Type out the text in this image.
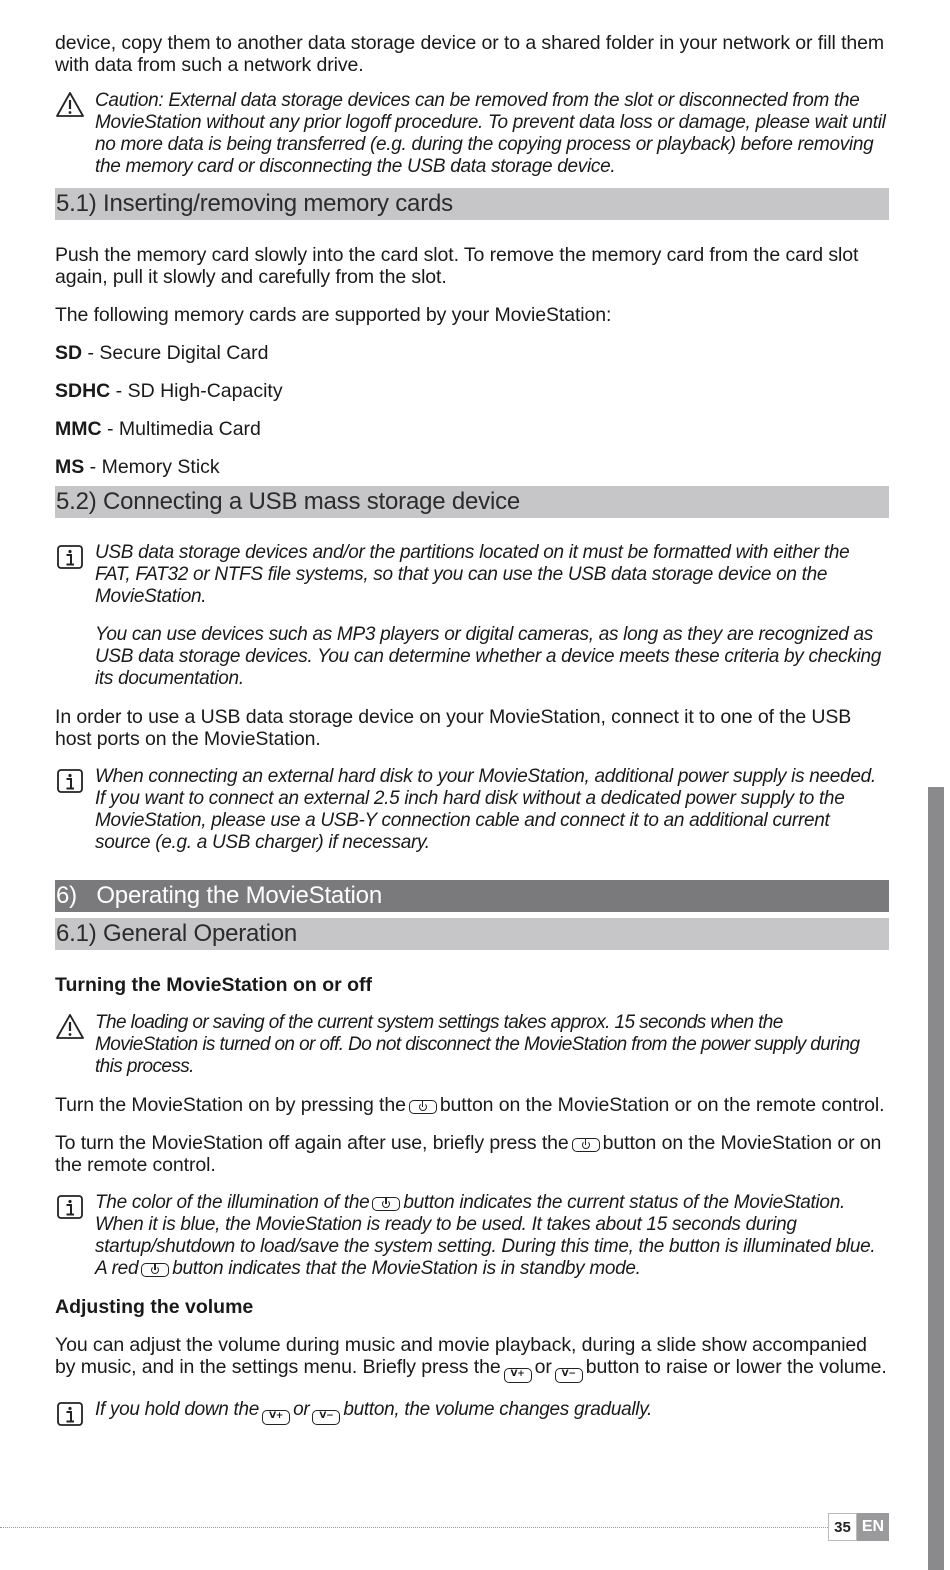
device, copy them to another data storage device or to a shared folder in your network or fill them with data from such a network drive.

Caution: External data storage devices can be removed from the slot or disconnected from the MovieStation without any prior logoff procedure. To prevent data loss or damage, please wait until no more data is being transferred (e.g. during the copying process or playback) before removing the memory card or disconnecting the USB data storage device.
5.1) Inserting/removing memory cards

Push the memory card slowly into the card slot. To remove the memory card from the card slot again, pull it slowly and carefully from the slot.

The following memory cards are supported by your MovieStation:

SD - Secure Digital Card

SDHC - SD High-Capacity

MMC - Multimedia Card

MS - Memory Stick

5.2) Connecting a USB mass storage device
USB data storage devices and/or the partitions located on it must be formatted with either the FAT, FAT32 or NTFS file systems, so that you can use the USB data storage device on the MovieStation.
You can use devices such as MP3 players or digital cameras, as long as they are recognized as USB data storage devices. You can determine whether a device meets these criteria by checking its documentation.

In order to use a USB data storage device on your MovieStation, connect it to one of the USB host ports on the MovieStation.

When connecting an external hard disk to your MovieStation, additional power supply is needed. If you want to connect an external 2.5 inch hard disk without a dedicated power supply to the MovieStation, please use a USB-Y connection cable and connect it to an additional current source (e.g. a USB charger) if necessary.
6)   Operating the MovieStation
6.1) General Operation

Turning the MovieStation on or off

The loading or saving of the current system settings takes approx. 15 seconds when the MovieStation is turned on or off. Do not disconnect the MovieStation from the power supply during this process.

Turn the MovieStation on by pressing the button on the MovieStation or on the remote control.

To turn the MovieStation off again after use, briefly press the button on the MovieStation or on the remote control.

The color of the illumination of the button indicates the current status of the MovieStation. When it is blue, the MovieStation is ready to be used. It takes about 15 seconds during startup/shutdown to load/save the system setting. During this time, the button is illuminated blue. A red button indicates that the MovieStation is in standby mode.

Adjusting the volume

You can adjust the volume during music and movie playback, during a slide show accompanied by music, and in the settings menu. Briefly press the V+ or V− button to raise or lower the volume.

If you hold down the V+ or V− button, the volume changes gradually.
35 EN
